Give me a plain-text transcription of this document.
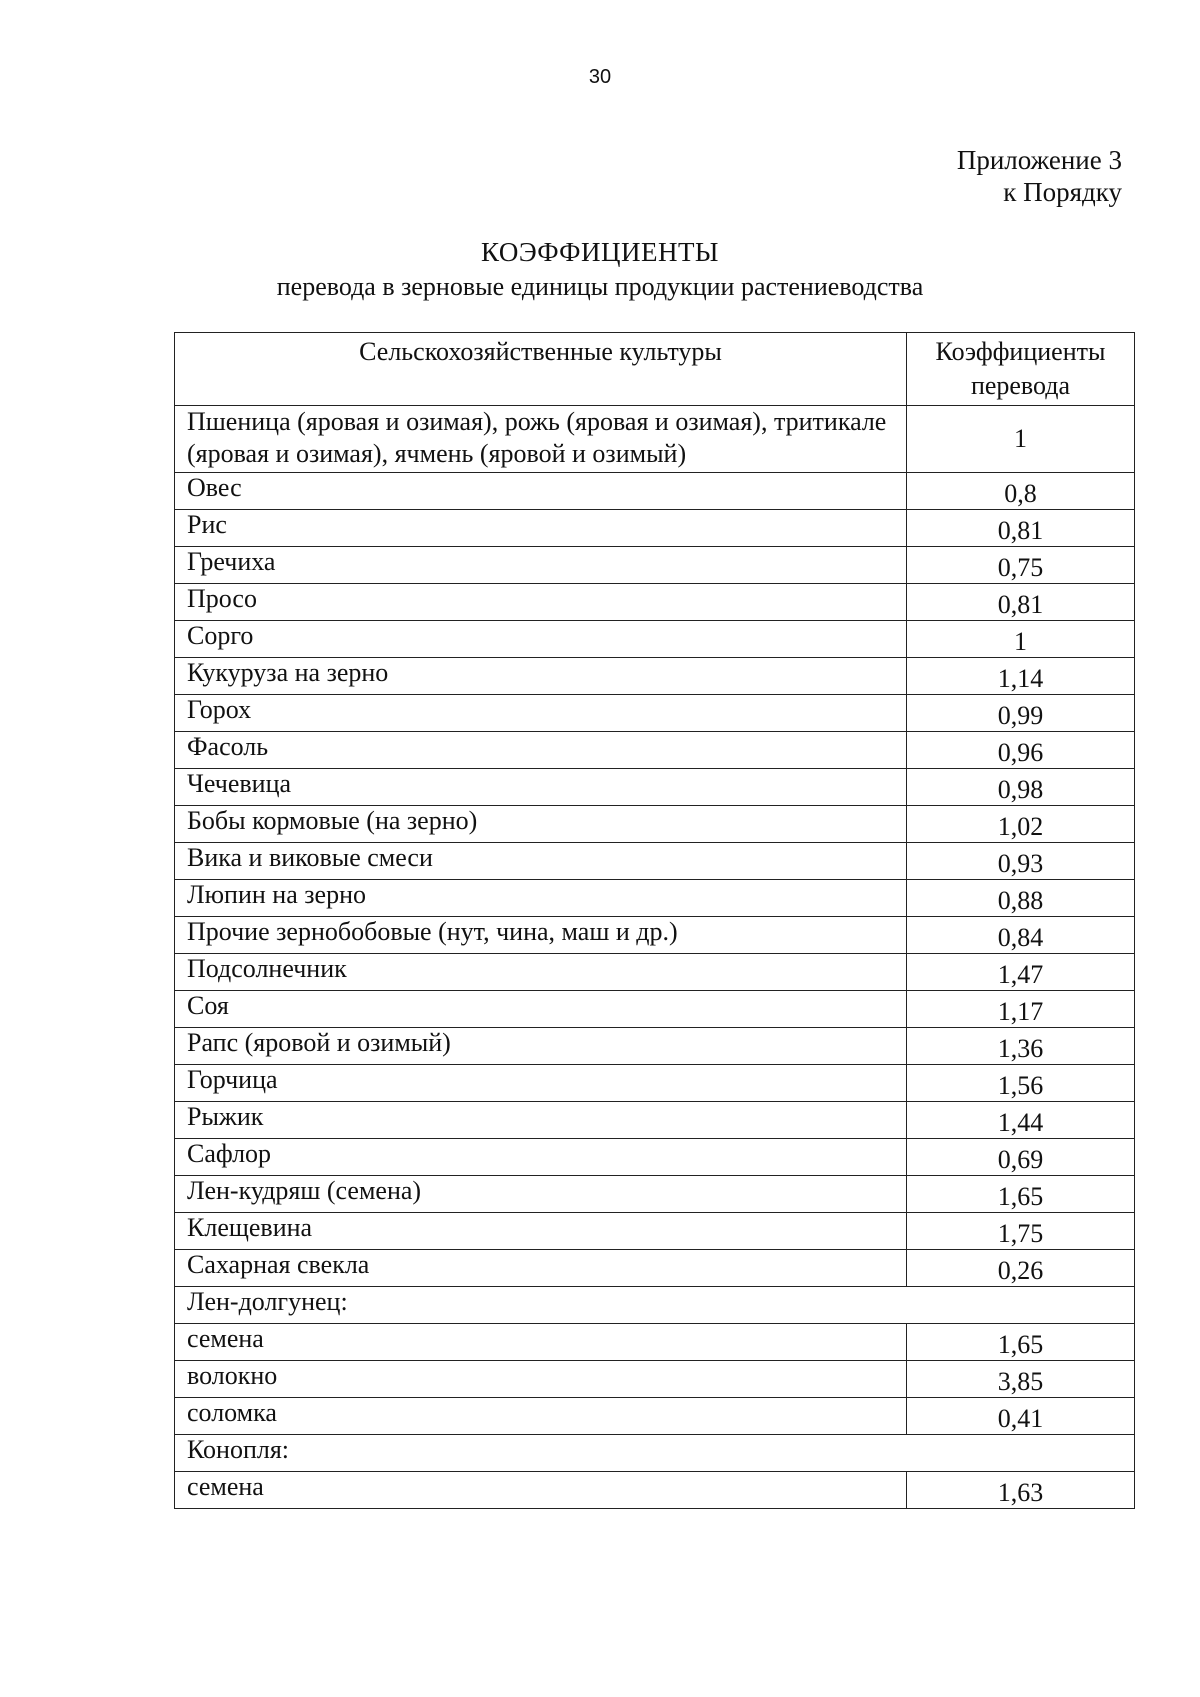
30
Приложение 3
к Порядку
КОЭФФИЦИЕНТЫ
перевода в зерновые единицы продукции растениеводства
Сельскохозяйственные культуры	Коэффициенты перевода
Пшеница (яровая и озимая), рожь (яровая и озимая), тритикале (яровая и озимая), ячмень (яровой и озимый)	1
Овес	0,8
Рис	0,81
Гречиха	0,75
Просо	0,81
Сорго	1
Кукуруза на зерно	1,14
Горох	0,99
Фасоль	0,96
Чечевица	0,98
Бобы кормовые (на зерно)	1,02
Вика и виковые смеси	0,93
Люпин на зерно	0,88
Прочие зернобобовые (нут, чина, маш и др.)	0,84
Подсолнечник	1,47
Соя	1,17
Рапс (яровой и озимый)	1,36
Горчица	1,56
Рыжик	1,44
Сафлор	0,69
Лен-кудряш (семена)	1,65
Клещевина	1,75
Сахарная свекла	0,26
Лен-долгунец:	
семена	1,65
волокно	3,85
соломка	0,41
Конопля:	
семена	1,63
